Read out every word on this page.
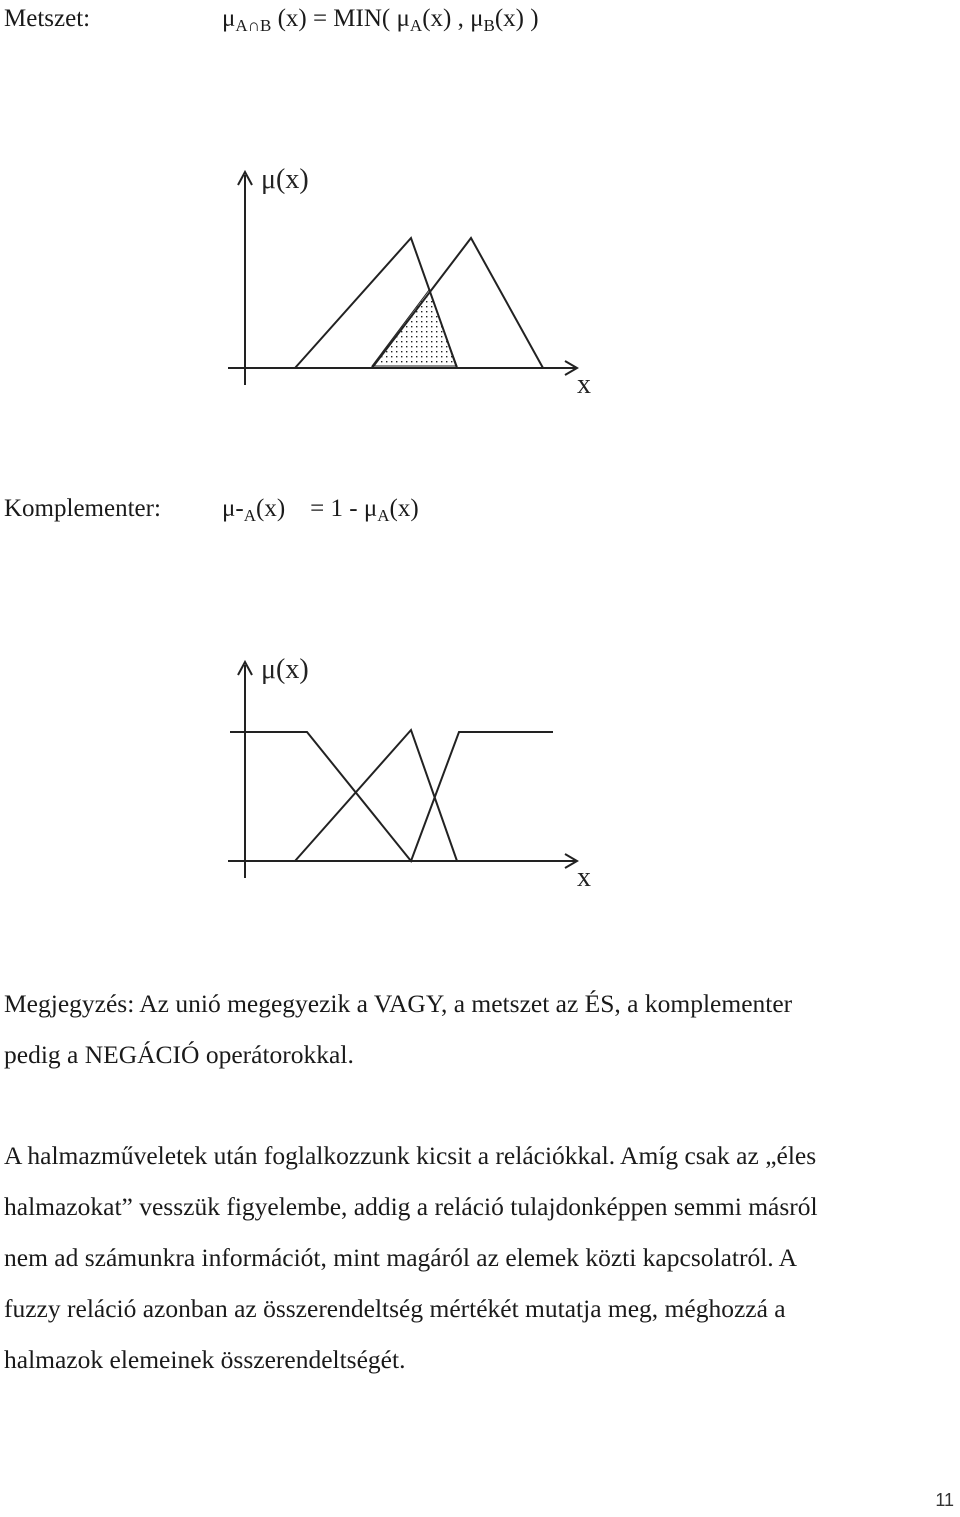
Metszet:	$\mu_{A\cap B}$ (x) = MIN( $\mu_A(x)$ , $\mu_B(x)$ )
μ(x)
x
Komplementer: $\mu-_A(x)$    = $1 - \mu_A(x)$
μ(x)
x
Megjegyzés: Az unió megegyezik a VAGY, a metszet az ÉS, a komplementer
pedig a NEGÁCIÓ operátorokkal.
A halmazműveletek után foglalkozzunk kicsit a relációkkal. Amíg csak az „éles
halmazokat” vesszük figyelembe, addig a reláció tulajdonképpen semmi másról
nem ad számunkra információt, mint magáról az elemek közti kapcsolatról. A
fuzzy reláció azonban az összerendeltség mértékét mutatja meg, méghozzá a
halmazok elemeinek összerendeltségét.
11
